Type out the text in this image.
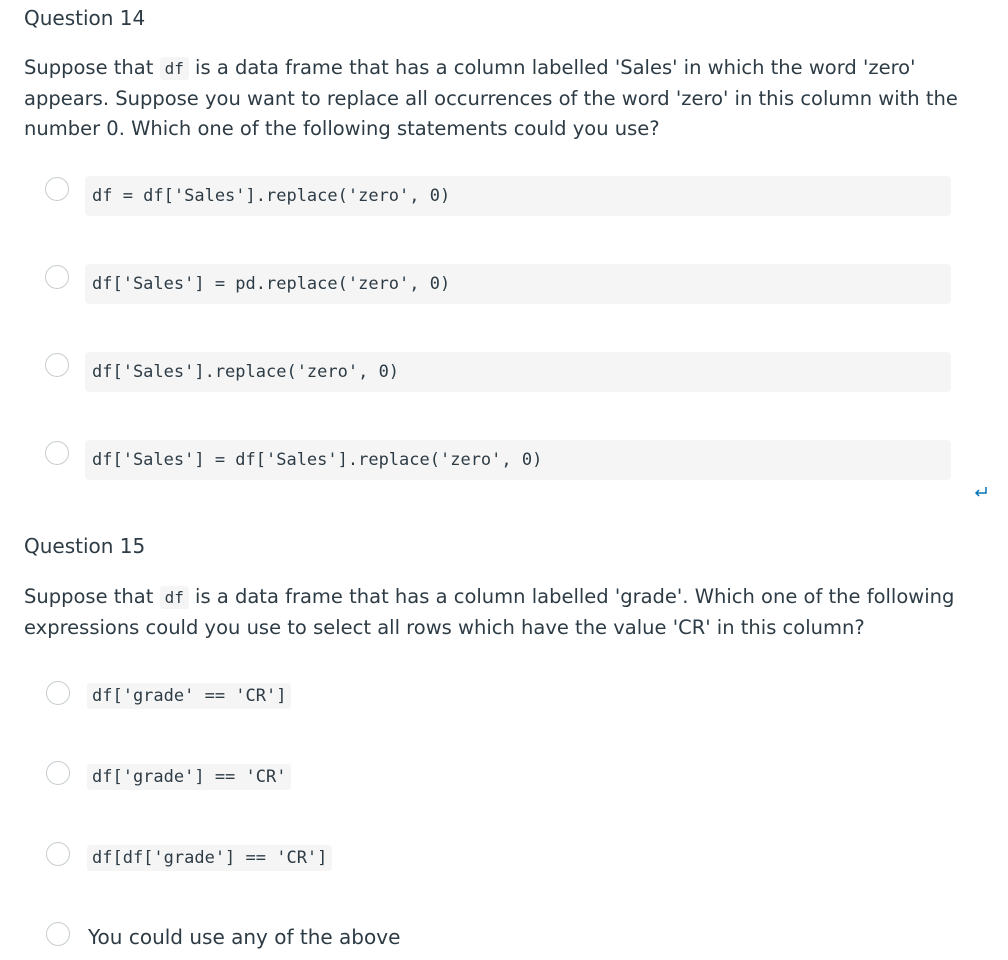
Question 14
Suppose that df is a data frame that has a column labelled 'Sales' in which the word 'zero' appears. Suppose you want to replace all occurrences of the word 'zero' in this column with the number 0. Which one of the following statements could you use?
df = df['Sales'].replace('zero', 0)
df['Sales'] = pd.replace('zero', 0)
df['Sales'].replace('zero', 0)
df['Sales'] = df['Sales'].replace('zero', 0)
Question 15
Suppose that df is a data frame that has a column labelled 'grade'. Which one of the following expressions could you use to select all rows which have the value 'CR' in this column?
df['grade' == 'CR']
df['grade'] == 'CR'
df[df['grade'] == 'CR']
You could use any of the above
